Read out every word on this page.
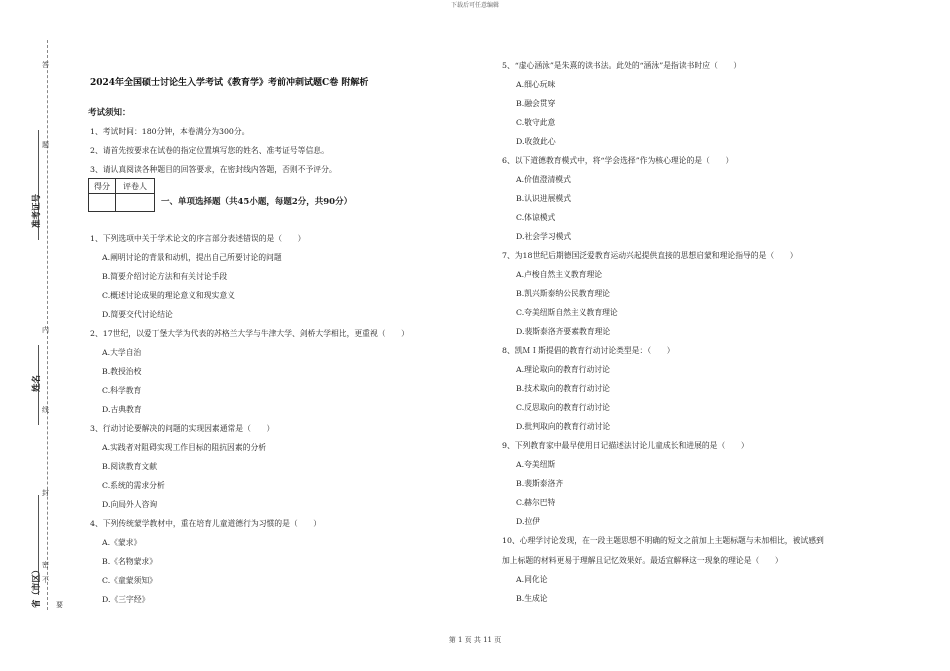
下载后可任意编辑
准考证号
姓名
省（市区）
答
题
内
线
封
密
不
要
2024年全国硕士讨论生入学考试《教育学》考前冲刺试题C卷 附解析
考试须知：
1、考试时间：180分钟，本卷满分为300分。
2、请首先按要求在试卷的指定位置填写您的姓名、准考证号等信息。
3、请认真阅读各种题目的回答要求，在密封线内答题，否则不予评分。
得分	评卷人

一、单项选择题（共45小题，每题2分，共90分）
1、下列选项中关于学术论文的序言部分表述错误的是（　　）
A.阐明讨论的背景和动机，提出自己所要讨论的问题
B.简要介绍讨论方法和有关讨论手段
C.概述讨论成果的理论意义和现实意义
D.简要交代讨论结论
2、17世纪，以爱丁堡大学为代表的苏格兰大学与牛津大学、剑桥大学相比，更重视（　　）
A.大学自治
B.教授治校
C.科学教育
D.古典教育
3、行动讨论要解决的问题的实现因素通常是（　　）
A.实践者对阻碍实现工作目标的阻抗因素的分析
B.阅读教育文献
C.系统的需求分析
D.向局外人咨询
4、下列传统蒙学教材中，重在培育儿童道德行为习惯的是（　　）
A.《蒙求》
B.《名物蒙求》
C.《童蒙须知》
D.《三字经》
5、“虚心涵泳”是朱熹的读书法。此处的“涵泳”是指读书时应（　　）
A.细心玩味
B.融会贯穿
C.敬守此意
D.收敛此心
6、以下道德教育模式中，将“学会选择”作为核心理论的是（　　）
A.价值澄清模式
B.认识进展模式
C.体谅模式
D.社会学习模式
7、为18世纪后期德国泛爱教育运动兴起提供直接的思想启蒙和理论指导的是（　　）
A.卢梭自然主义教育理论
B.凯兴斯泰纳公民教育理论
C.夸美纽斯自然主义教育理论
D.裴斯泰洛齐要素教育理论
8、凯ＭＩ斯提倡的教育行动讨论类型是：（　　）
A.理论取向的教育行动讨论
B.技术取向的教育行动讨论
C.反思取向的教育行动讨论
D.批判取向的教育行动讨论
9、下列教育家中最早使用日记描述法讨论儿童成长和进展的是（　　）
A.夸美纽斯
B.裴斯泰洛齐
C.赫尔巴特
D.拉伊
10、心理学讨论发现，在一段主题思想不明确的短文之前加上主题标题与未加相比，被试感到
加上标题的材料更易于理解且记忆效果好。最适宜解释这一现象的理论是（　　）
A.同化论
B.生成论
第 1 页 共 11 页
